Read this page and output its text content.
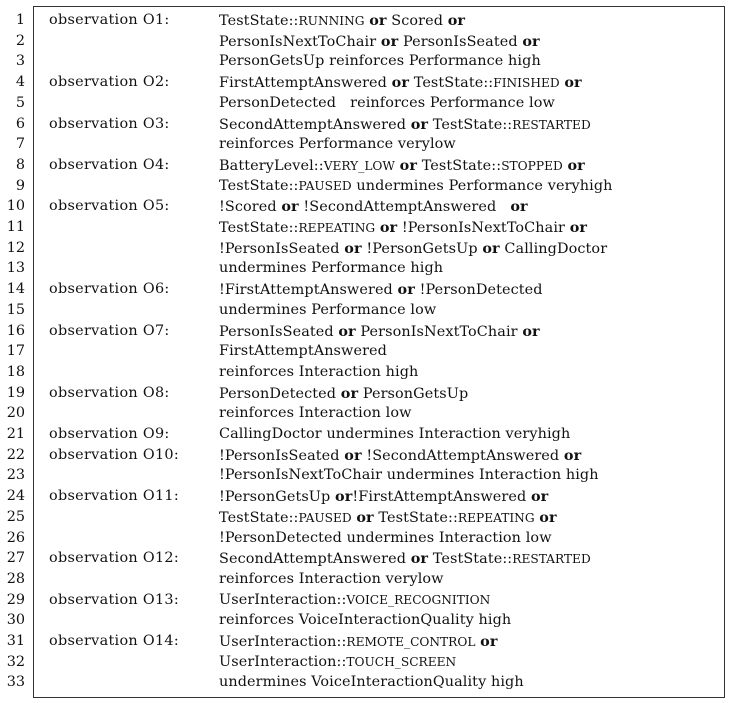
1 observation O1:	TestState::RUNNING or Scored or
2	PersonIsNextToChair or PersonIsSeated or
3	PersonGetsUp reinforces Performance high
4 observation O2:	FirstAttemptAnswered or TestState::FINISHED or
5	PersonDetected   reinforces Performance low
6 observation O3:	SecondAttemptAnswered or TestState::RESTARTED
7	reinforces Performance verylow
8 observation O4:	BatteryLevel::VERY_LOW or TestState::STOPPED or
9	TestState::PAUSED undermines Performance veryhigh
10 observation O5:	!Scored or !SecondAttemptAnswered   or
11	TestState::REPEATING or !PersonIsNextToChair or
12	!PersonIsSeated or !PersonGetsUp or CallingDoctor
13	undermines Performance high
14 observation O6:	!FirstAttemptAnswered or !PersonDetected
15	undermines Performance low
16 observation O7:	PersonIsSeated or PersonIsNextToChair or
17	FirstAttemptAnswered
18	reinforces Interaction high
19 observation O8:	PersonDetected or PersonGetsUp
20	reinforces Interaction low
21 observation O9:	CallingDoctor undermines Interaction veryhigh
22 observation O10:	!PersonIsSeated or !SecondAttemptAnswered or
23	!PersonIsNextToChair undermines Interaction high
24 observation O11:	!PersonGetsUp or!FirstAttemptAnswered or
25	TestState::PAUSED or TestState::REPEATING or
26	!PersonDetected undermines Interaction low
27 observation O12:	SecondAttemptAnswered or TestState::RESTARTED
28	reinforces Interaction verylow
29 observation O13:	UserInteraction::VOICE_RECOGNITION
30	reinforces VoiceInteractionQuality high
31 observation O14:	UserInteraction::REMOTE_CONTROL or
32	UserInteraction::TOUCH_SCREEN
33	undermines VoiceInteractionQuality high
